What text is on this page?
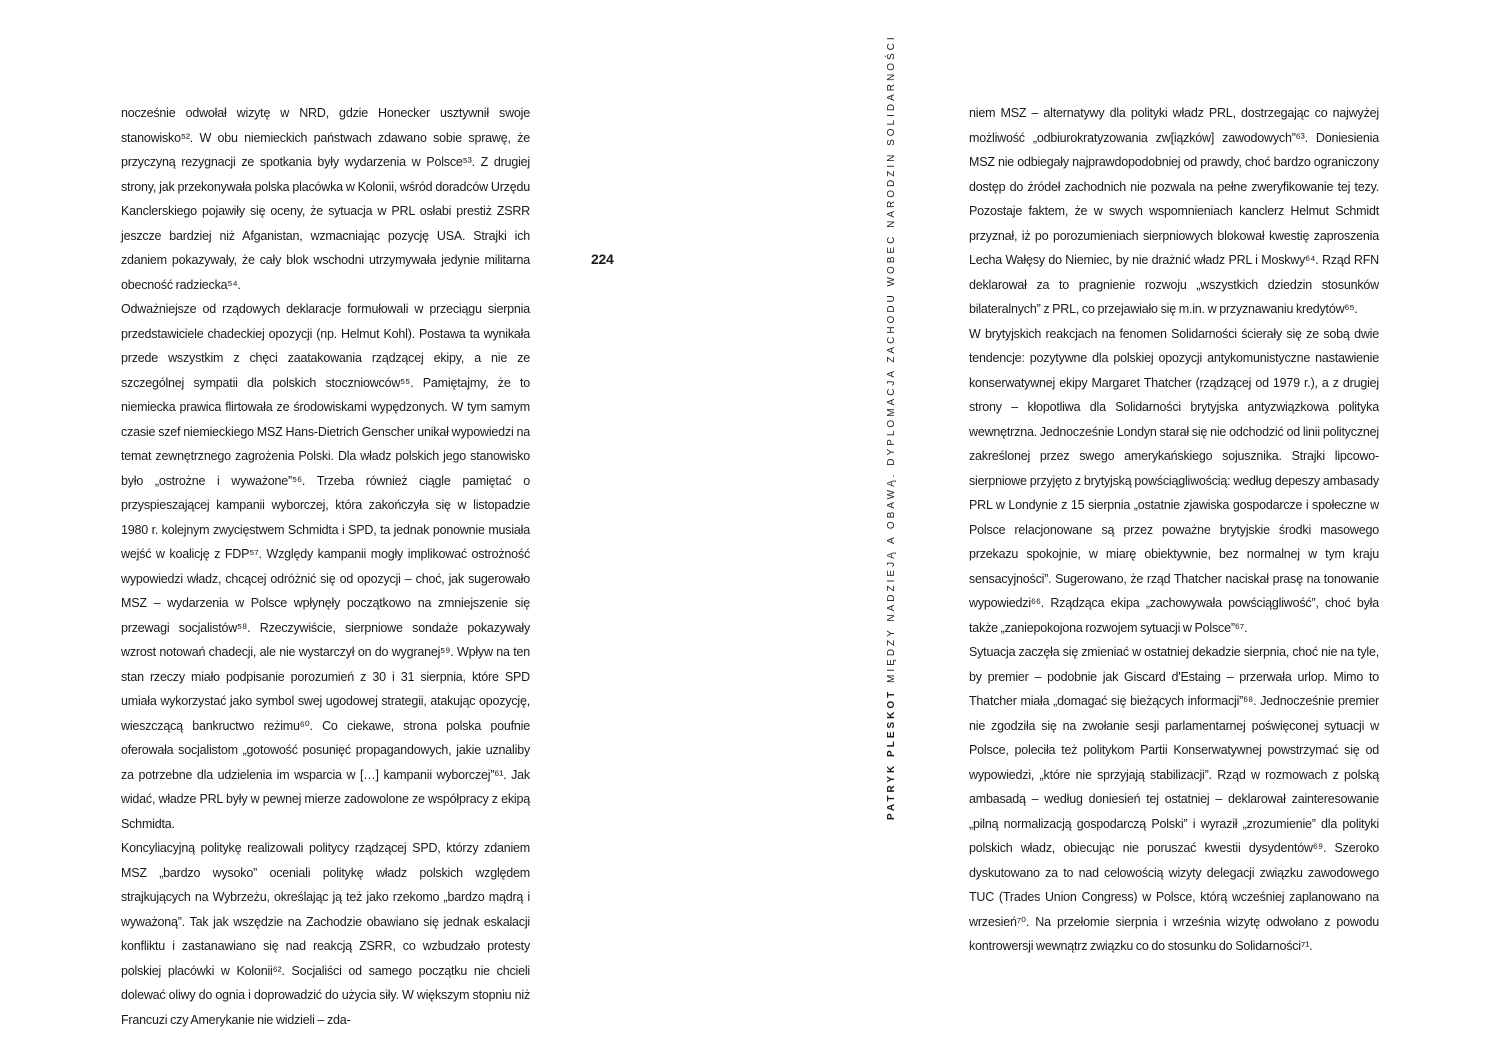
nocześnie odwołał wizytę w NRD, gdzie Honecker usztywnił swoje stanowisko⁵². W obu niemieckich państwach zdawano sobie sprawę, że przyczyną rezygnacji ze spotkania były wydarzenia w Polsce⁵³. Z drugiej strony, jak przekonywała polska placówka w Kolonii, wśród doradców Urzędu Kanclerskiego pojawiły się oceny, że sytuacja w PRL osłabi prestiż ZSRR jeszcze bardziej niż Afganistan, wzmacniając pozycję USA. Strajki ich zdaniem pokazywały, że cały blok wschodni utrzymywała jedynie militarna obecność radziecka⁵⁴.

Odważniejsze od rządowych deklaracje formułowali w przeciągu sierpnia przedstawiciele chadeckiej opozycji (np. Helmut Kohl). Postawa ta wynikała przede wszystkim z chęci zaatakowania rządzącej ekipy, a nie ze szczególnej sympatii dla polskich stoczniowców⁵⁵. Pamiętajmy, że to niemiecka prawica flirtowała ze środowiskami wypędzonych. W tym samym czasie szef niemieckiego MSZ Hans-Dietrich Genscher unikał wypowiedzi na temat zewnętrznego zagrożenia Polski. Dla władz polskich jego stanowisko było „ostrożne i wyważone”⁵⁶. Trzeba również ciągle pamiętać o przyspieszającej kampanii wyborczej, która zakończyła się w listopadzie 1980 r. kolejnym zwycięstwem Schmidta i SPD, ta jednak ponownie musiała wejść w koalicję z FDP⁵⁷. Względy kampanii mogły implikować ostrożność wypowiedzi władz, chcącej odróżnić się od opozycji – choć, jak sugerowało MSZ – wydarzenia w Polsce wpłynęły początkowo na zmniejszenie się przewagi socjalistów⁵⁸. Rzeczywiście, sierpniowe sondaże pokazywały wzrost notowań chadecji, ale nie wystarczył on do wygranej⁵⁹. Wpływ na ten stan rzeczy miało podpisanie porozumień z 30 i 31 sierpnia, które SPD umiała wykorzystać jako symbol swej ugodowej strategii, atakując opozycję, wieszczącą bankructwo reżimu⁶⁰. Co ciekawe, strona polska poufnie oferowała socjalistom „gotowość posunięć propagandowych, jakie uznaliby za potrzebne dla udzielenia im wsparcia w […] kampanii wyborczej”⁶¹. Jak widać, władze PRL były w pewnej mierze zadowolone ze współpracy z ekipą Schmidta.

Koncyliacyjną politykę realizowali politycy rządzącej SPD, którzy zdaniem MSZ „bardzo wysoko” oceniali politykę władz polskich względem strajkujących na Wybrzeżu, określając ją też jako rzekomo „bardzo mądrą i wyważoną”. Tak jak wszędzie na Zachodzie obawiano się jednak eskalacji konfliktu i zastanawiano się nad reakcją ZSRR, co wzbudzało protesty polskiej placówki w Kolonii⁶². Socjaliści od samego początku nie chcieli dolewać oliwy do ognia i doprowadzić do użycia siły. W większym stopniu niż Francuzi czy Amerykanie nie widzieli – zda-

224
PATRYK PLESKOT MIĘDZY NADZIEJĄ A OBAWĄ. DYPLOMACJA ZACHODU WOBEC NARODZIN SOLIDARNOŚCI	niem MSZ – alternatywy dla polityki władz PRL, dostrzegając co najwyżej możliwość „odbiurokratyzowania zw[iązków] zawodowych”⁶³. Doniesienia MSZ nie odbiegały najprawdopodobniej od prawdy, choć bardzo ograniczony dostęp do źródeł zachodnich nie pozwala na pełne zweryfikowanie tej tezy. Pozostaje faktem, że w swych wspomnieniach kanclerz Helmut Schmidt przyznał, iż po porozumieniach sierpniowych blokował kwestię zaproszenia Lecha Wałęsy do Niemiec, by nie drażnić władz PRL i Moskwy⁶⁴. Rząd RFN deklarował za to pragnienie rozwoju „wszystkich dziedzin stosunków bilateralnych” z PRL, co przejawiało się m.in. w przyznawaniu kredytów⁶⁵.

W brytyjskich reakcjach na fenomen Solidarności ścierały się ze sobą dwie tendencje: pozytywne dla polskiej opozycji antykomunistyczne nastawienie konserwatywnej ekipy Margaret Thatcher (rządzącej od 1979 r.), a z drugiej strony – kłopotliwa dla Solidarności brytyjska antyzwiązkowa polityka wewnętrzna. Jednocześnie Londyn starał się nie odchodzić od linii politycznej zakreślonej przez swego amerykańskiego sojusznika. Strajki lipcowo-sierpniowe przyjęto z brytyjską powściągliwością: według depeszy ambasady PRL w Londynie z 15 sierpnia „ostatnie zjawiska gospodarcze i społeczne w Polsce relacjonowane są przez poważne brytyjskie środki masowego przekazu spokojnie, w miarę obiektywnie, bez normalnej w tym kraju sensacyjności”. Sugerowano, że rząd Thatcher naciskał prasę na tonowanie wypowiedzi⁶⁶. Rządząca ekipa „zachowywała powściągliwość”, choć była także „zaniepokojona rozwojem sytuacji w Polsce”⁶⁷.

Sytuacja zaczęła się zmieniać w ostatniej dekadzie sierpnia, choć nie na tyle, by premier – podobnie jak Giscard d'Estaing – przerwała urlop. Mimo to Thatcher miała „domagać się bieżących informacji”⁶⁸. Jednocześnie premier nie zgodziła się na zwołanie sesji parlamentarnej poświęconej sytuacji w Polsce, poleciła też politykom Partii Konserwatywnej powstrzymać się od wypowiedzi, „które nie sprzyjają stabilizacji”. Rząd w rozmowach z polską ambasadą – według doniesień tej ostatniej – deklarował zainteresowanie „pilną normalizacją gospodarczą Polski” i wyraził „zrozumienie” dla polityki polskich władz, obiecując nie poruszać kwestii dysydentów⁶⁹. Szeroko dyskutowano za to nad celowością wizyty delegacji związku zawodowego TUC (Trades Union Congress) w Polsce, którą wcześniej zaplanowano na wrzesień⁷⁰. Na przełomie sierpnia i września wizytę odwołano z powodu kontrowersji wewnątrz związku co do stosunku do Solidarności⁷¹.
